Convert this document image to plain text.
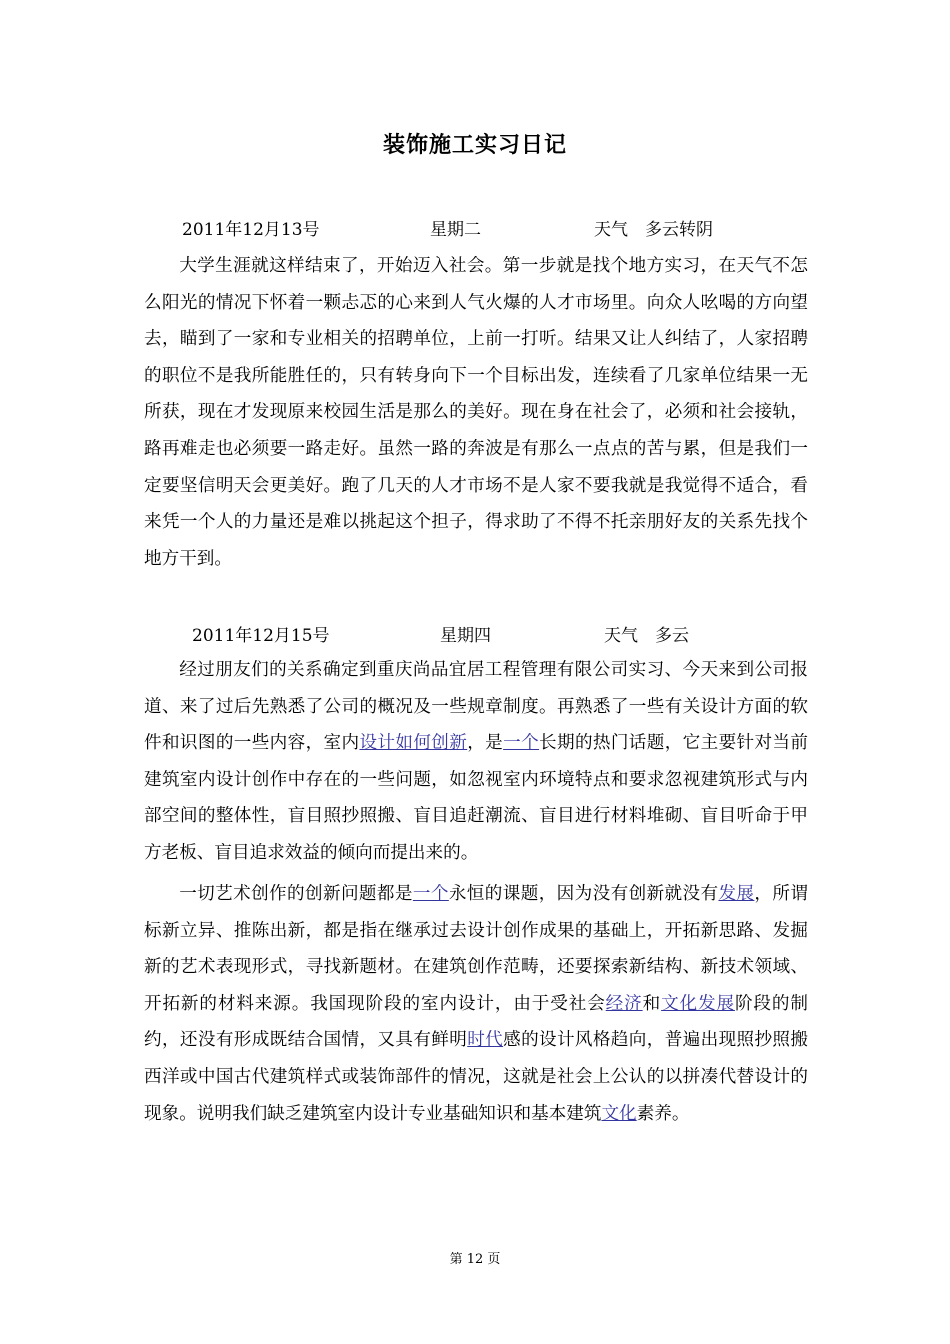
装饰施工实习日记
2011年12月13号	星期二	天气　多云转阴
大学生涯就这样结束了，开始迈入社会。第一步就是找个地方实习，在天气不怎么阳光的情况下怀着一颗忐忑的心来到人气火爆的人才市场里。向众人吆喝的方向望去，瞄到了一家和专业相关的招聘单位，上前一打听。结果又让人纠结了，人家招聘的职位不是我所能胜任的，只有转身向下一个目标出发，连续看了几家单位结果一无所获，现在才发现原来校园生活是那么的美好。现在身在社会了，必须和社会接轨，路再难走也必须要一路走好。虽然一路的奔波是有那么一点点的苦与累，但是我们一定要坚信明天会更美好。跑了几天的人才市场不是人家不要我就是我觉得不适合，看来凭一个人的力量还是难以挑起这个担子，得求助了不得不托亲朋好友的关系先找个地方干到。
2011年12月15号	星期四	天气　多云
经过朋友们的关系确定到重庆尚品宜居工程管理有限公司实习、今天来到公司报道、来了过后先熟悉了公司的概况及一些规章制度。再熟悉了一些有关设计方面的软件和识图的一些内容，室内设计如何创新，是一个长期的热门话题，它主要针对当前建筑室内设计创作中存在的一些问题，如忽视室内环境特点和要求忽视建筑形式与内部空间的整体性，盲目照抄照搬、盲目追赶潮流、盲目进行材料堆砌、盲目听命于甲方老板、盲目追求效益的倾向而提出来的。
一切艺术创作的创新问题都是一个永恒的课题，因为没有创新就没有发展，所谓标新立异、推陈出新，都是指在继承过去设计创作成果的基础上，开拓新思路、发掘新的艺术表现形式，寻找新题材。在建筑创作范畴，还要探索新结构、新技术领域、开拓新的材料来源。我国现阶段的室内设计，由于受社会经济和文化发展阶段的制约，还没有形成既结合国情，又具有鲜明时代感的设计风格趋向，普遍出现照抄照搬西洋或中国古代建筑样式或装饰部件的情况，这就是社会上公认的以拼凑代替设计的现象。说明我们缺乏建筑室内设计专业基础知识和基本建筑文化素养。
第 12 页
